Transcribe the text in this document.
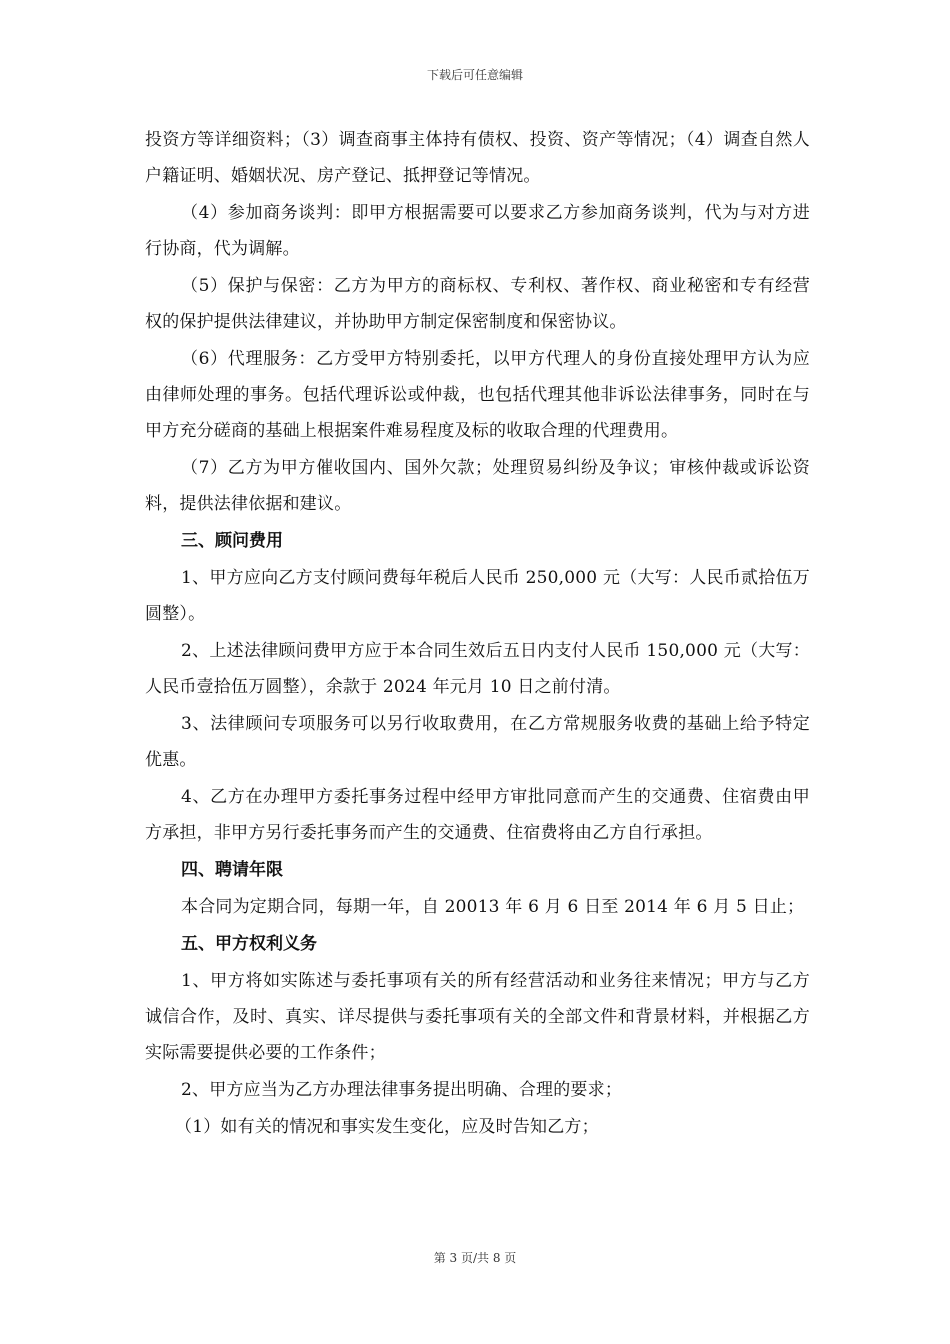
下载后可任意编辑

投资方等详细资料；（3）调查商事主体持有债权、投资、资产等情况；（4）调查自然人户籍证明、婚姻状况、房产登记、抵押登记等情况。

（4）参加商务谈判：即甲方根据需要可以要求乙方参加商务谈判，代为与对方进行协商，代为调解。

（5）保护与保密：乙方为甲方的商标权、专利权、著作权、商业秘密和专有经营权的保护提供法律建议，并协助甲方制定保密制度和保密协议。

（6）代理服务：乙方受甲方特别委托，以甲方代理人的身份直接处理甲方认为应由律师处理的事务。包括代理诉讼或仲裁，也包括代理其他非诉讼法律事务，同时在与甲方充分磋商的基础上根据案件难易程度及标的收取合理的代理费用。

（7）乙方为甲方催收国内、国外欠款；处理贸易纠纷及争议；审核仲裁或诉讼资料，提供法律依据和建议。

三、顾问费用

1、甲方应向乙方支付顾问费每年税后人民币 250,000 元（大写：人民币贰拾伍万圆整）。

2、上述法律顾问费甲方应于本合同生效后五日内支付人民币 150,000 元（大写：人民币壹拾伍万圆整），余款于 2024 年元月 10 日之前付清。

3、法律顾问专项服务可以另行收取费用，在乙方常规服务收费的基础上给予特定优惠。

4、乙方在办理甲方委托事务过程中经甲方审批同意而产生的交通费、住宿费由甲方承担，非甲方另行委托事务而产生的交通费、住宿费将由乙方自行承担。

四、聘请年限

本合同为定期合同，每期一年，自 20013 年 6 月 6 日至 2014 年 6 月 5 日止；

五、甲方权利义务

1、甲方将如实陈述与委托事项有关的所有经营活动和业务往来情况；甲方与乙方诚信合作，及时、真实、详尽提供与委托事项有关的全部文件和背景材料，并根据乙方实际需要提供必要的工作条件；

2、甲方应当为乙方办理法律事务提出明确、合理的要求；

（1）如有关的情况和事实发生变化，应及时告知乙方；

第 3 页/共 8 页
